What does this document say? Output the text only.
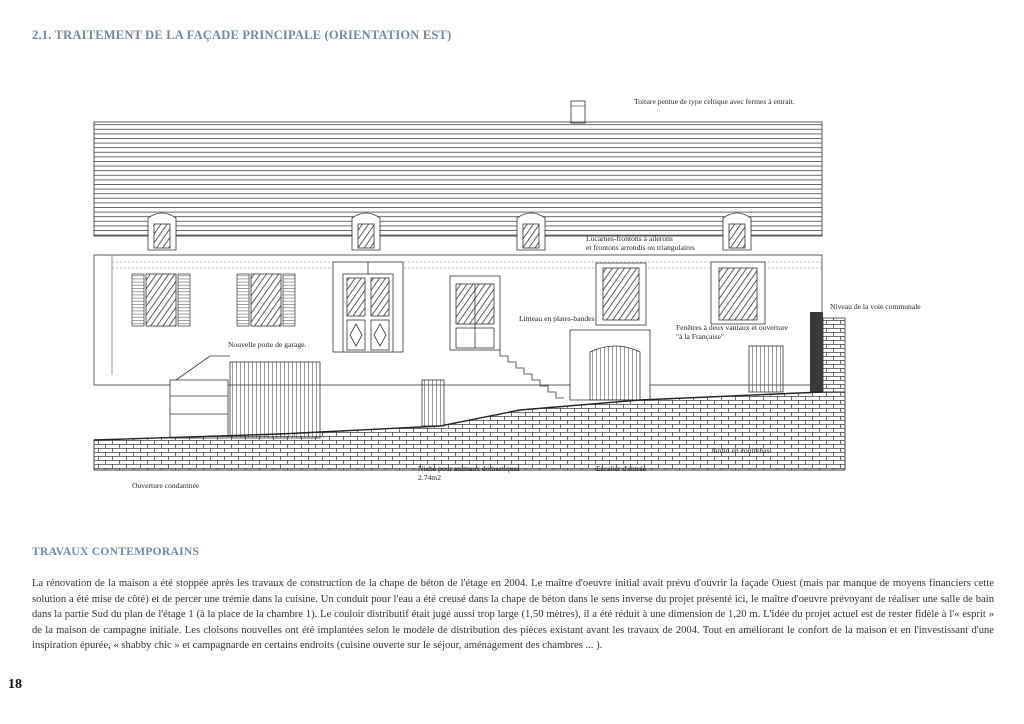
2.1. TRAITEMENT DE LA FAÇADE PRINCIPALE (ORIENTATION EST)
Toiture pentue de type celtique avec fermes à entrait.
Lucarnes-frontons à ailerons
et frontons arrondis ou triangulaires
Niveau de la voie communale
Linteau en plates-bandes
Fenêtres à deux vantaux et ouverture
"à la Française"
Nouvelle porte de garage.
Jardin en contrebas.
Niche pour animaux domestiques
2.74m2
Escalier d'entrée
Ouverture condamnée
TRAVAUX CONTEMPORAINS
La rénovation de la maison a été stoppée après les travaux de construction de la chape de béton de l'étage en 2004. Le maître d'oeuvre initial avait prévu d'ouvrir la façade Ouest (mais par manque de moyens financiers cette solution a été mise de côté) et de percer une trémie dans la cuisine. Un conduit pour l'eau a été creusé dans la chape de béton dans le sens inverse du projet présenté ici, le maître d'oeuvre prévoyant de réaliser une salle de bain dans la partie Sud du plan de l'étage 1 (à la place de la chambre 1). Le couloir distributif était jugé aussi trop large (1,50 mètres), il a été réduit à une dimension de 1,20 m. L'idée du projet actuel est de rester fidèle à l'« esprit » de la maison de campagne initiale. Les cloisons nouvelles ont été implantées selon le modèle de distribution des pièces existant avant les travaux de 2004. Tout en améliorant le confort de la maison et en l'investissant d'une inspiration épurée, « shabby chic » et campagnarde en certains endroits (cuisine ouverte sur le séjour, aménagement des chambres ... ).
18
